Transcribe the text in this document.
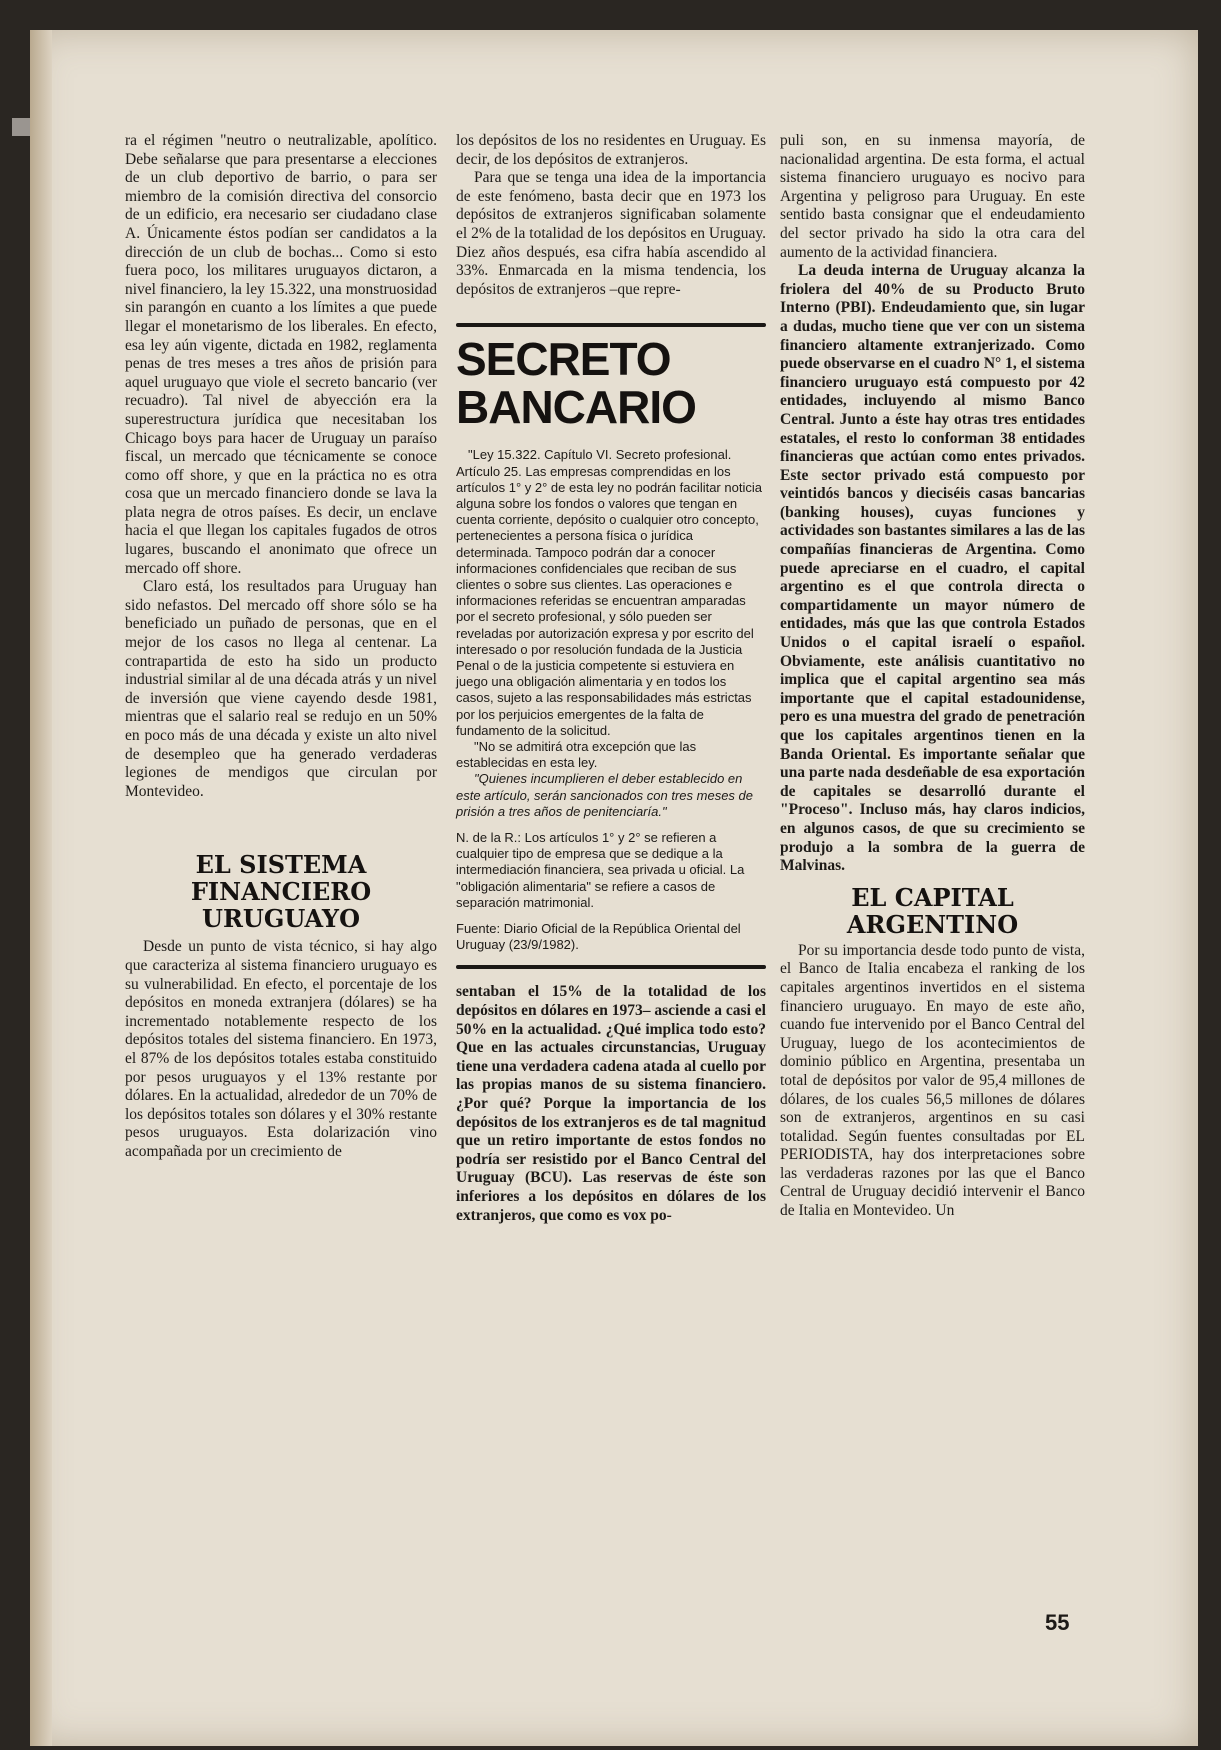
ra el régimen "neutro o neutralizable, apolítico. Debe señalarse que para presentarse a elecciones de un club deportivo de barrio, o para ser miembro de la comisión directiva del consorcio de un edificio, era necesario ser ciudadano clase A. Únicamente éstos podían ser candidatos a la dirección de un club de bochas... Como si esto fuera poco, los militares uruguayos dictaron, a nivel financiero, la ley 15.322, una monstruosidad sin parangón en cuanto a los límites a que puede llegar el monetarismo de los liberales. En efecto, esa ley aún vigente, dictada en 1982, reglamenta penas de tres meses a tres años de prisión para aquel uruguayo que viole el secreto bancario (ver recuadro). Tal nivel de abyección era la superestructura jurídica que necesitaban los Chicago boys para hacer de Uruguay un paraíso fiscal, un mercado que técnicamente se conoce como off shore, y que en la práctica no es otra cosa que un mercado financiero donde se lava la plata negra de otros países. Es decir, un enclave hacia el que llegan los capitales fugados de otros lugares, buscando el anonimato que ofrece un mercado off shore.

Claro está, los resultados para Uruguay han sido nefastos. Del mercado off shore sólo se ha beneficiado un puñado de personas, que en el mejor de los casos no llega al centenar. La contrapartida de esto ha sido un producto industrial similar al de una década atrás y un nivel de inversión que viene cayendo desde 1981, mientras que el salario real se redujo en un 50% en poco más de una década y existe un alto nivel de desempleo que ha generado verdaderas legiones de mendigos que circulan por Montevideo.

EL SISTEMA FINANCIERO URUGUAYO

Desde un punto de vista técnico, si hay algo que caracteriza al sistema financiero uruguayo es su vulnerabilidad. En efecto, el porcentaje de los depósitos en moneda extranjera (dólares) se ha incrementado notablemente respecto de los depósitos totales del sistema financiero. En 1973, el 87% de los depósitos totales estaba constituido por pesos uruguayos y el 13% restante por dólares. En la actualidad, alrededor de un 70% de los depósitos totales son dólares y el 30% restante pesos uruguayos. Esta dolarización vino acompañada por un crecimiento de

los depósitos de los no residentes en Uruguay. Es decir, de los depósitos de extranjeros.

Para que se tenga una idea de la importancia de este fenómeno, basta decir que en 1973 los depósitos de extranjeros significaban solamente el 2% de la totalidad de los depósitos en Uruguay. Diez años después, esa cifra había ascendido al 33%. Enmarcada en la misma tendencia, los depósitos de extranjeros –que repre-

SECRETO
BANCARIO

"Ley 15.322. Capítulo VI. Secreto profesional. Artículo 25. Las empresas comprendidas en los artículos 1° y 2° de esta ley no podrán facilitar noticia alguna sobre los fondos o valores que tengan en cuenta corriente, depósito o cualquier otro concepto, pertenecientes a persona física o jurídica determinada. Tampoco podrán dar a conocer informaciones confidenciales que reciban de sus clientes o sobre sus clientes. Las operaciones e informaciones referidas se encuentran amparadas por el secreto profesional, y sólo pueden ser reveladas por autorización expresa y por escrito del interesado o por resolución fundada de la Justicia Penal o de la justicia competente si estuviera en juego una obligación alimentaria y en todos los casos, sujeto a las responsabilidades más estrictas por los perjuicios emergentes de la falta de fundamento de la solicitud.

"No se admitirá otra excepción que las establecidas en esta ley.

"Quienes incumplieren el deber establecido en este artículo, serán sancionados con tres meses de prisión a tres años de penitenciaría."

N. de la R.: Los artículos 1° y 2° se refieren a cualquier tipo de empresa que se dedique a la intermediación financiera, sea privada u oficial. La "obligación alimentaria" se refiere a casos de separación matrimonial.

Fuente: Diario Oficial de la República Oriental del Uruguay (23/9/1982).

sentaban el 15% de la totalidad de los depósitos en dólares en 1973– asciende a casi el 50% en la actualidad. ¿Qué implica todo esto? Que en las actuales circunstancias, Uruguay tiene una verdadera cadena atada al cuello por las propias manos de su sistema financiero. ¿Por qué? Porque la importancia de los depósitos de los extranjeros es de tal magnitud que un retiro importante de estos fondos no podría ser resistido por el Banco Central del Uruguay (BCU). Las reservas de éste son inferiores a los depósitos en dólares de los extranjeros, que como es vox po-

puli son, en su inmensa mayoría, de nacionalidad argentina. De esta forma, el actual sistema financiero uruguayo es nocivo para Argentina y peligroso para Uruguay. En este sentido basta consignar que el endeudamiento del sector privado ha sido la otra cara del aumento de la actividad financiera.

La deuda interna de Uruguay alcanza la friolera del 40% de su Producto Bruto Interno (PBI). Endeudamiento que, sin lugar a dudas, mucho tiene que ver con un sistema financiero altamente extranjerizado. Como puede observarse en el cuadro N° 1, el sistema financiero uruguayo está compuesto por 42 entidades, incluyendo al mismo Banco Central. Junto a éste hay otras tres entidades estatales, el resto lo conforman 38 entidades financieras que actúan como entes privados. Este sector privado está compuesto por veintidós bancos y dieciséis casas bancarias (banking houses), cuyas funciones y actividades son bastantes similares a las de las compañías financieras de Argentina. Como puede apreciarse en el cuadro, el capital argentino es el que controla directa o compartidamente un mayor número de entidades, más que las que controla Estados Unidos o el capital israelí o español. Obviamente, este análisis cuantitativo no implica que el capital argentino sea más importante que el capital estadounidense, pero es una muestra del grado de penetración que los capitales argentinos tienen en la Banda Oriental. Es importante señalar que una parte nada desdeñable de esa exportación de capitales se desarrolló durante el "Proceso". Incluso más, hay claros indicios, en algunos casos, de que su crecimiento se produjo a la sombra de la guerra de Malvinas.

EL CAPITAL ARGENTINO

Por su importancia desde todo punto de vista, el Banco de Italia encabeza el ranking de los capitales argentinos invertidos en el sistema financiero uruguayo. En mayo de este año, cuando fue intervenido por el Banco Central del Uruguay, luego de los acontecimientos de dominio público en Argentina, presentaba un total de depósitos por valor de 95,4 millones de dólares, de los cuales 56,5 millones de dólares son de extranjeros, argentinos en su casi totalidad. Según fuentes consultadas por EL PERIODISTA, hay dos interpretaciones sobre las verdaderas razones por las que el Banco Central de Uruguay decidió intervenir el Banco de Italia en Montevideo. Un

55
